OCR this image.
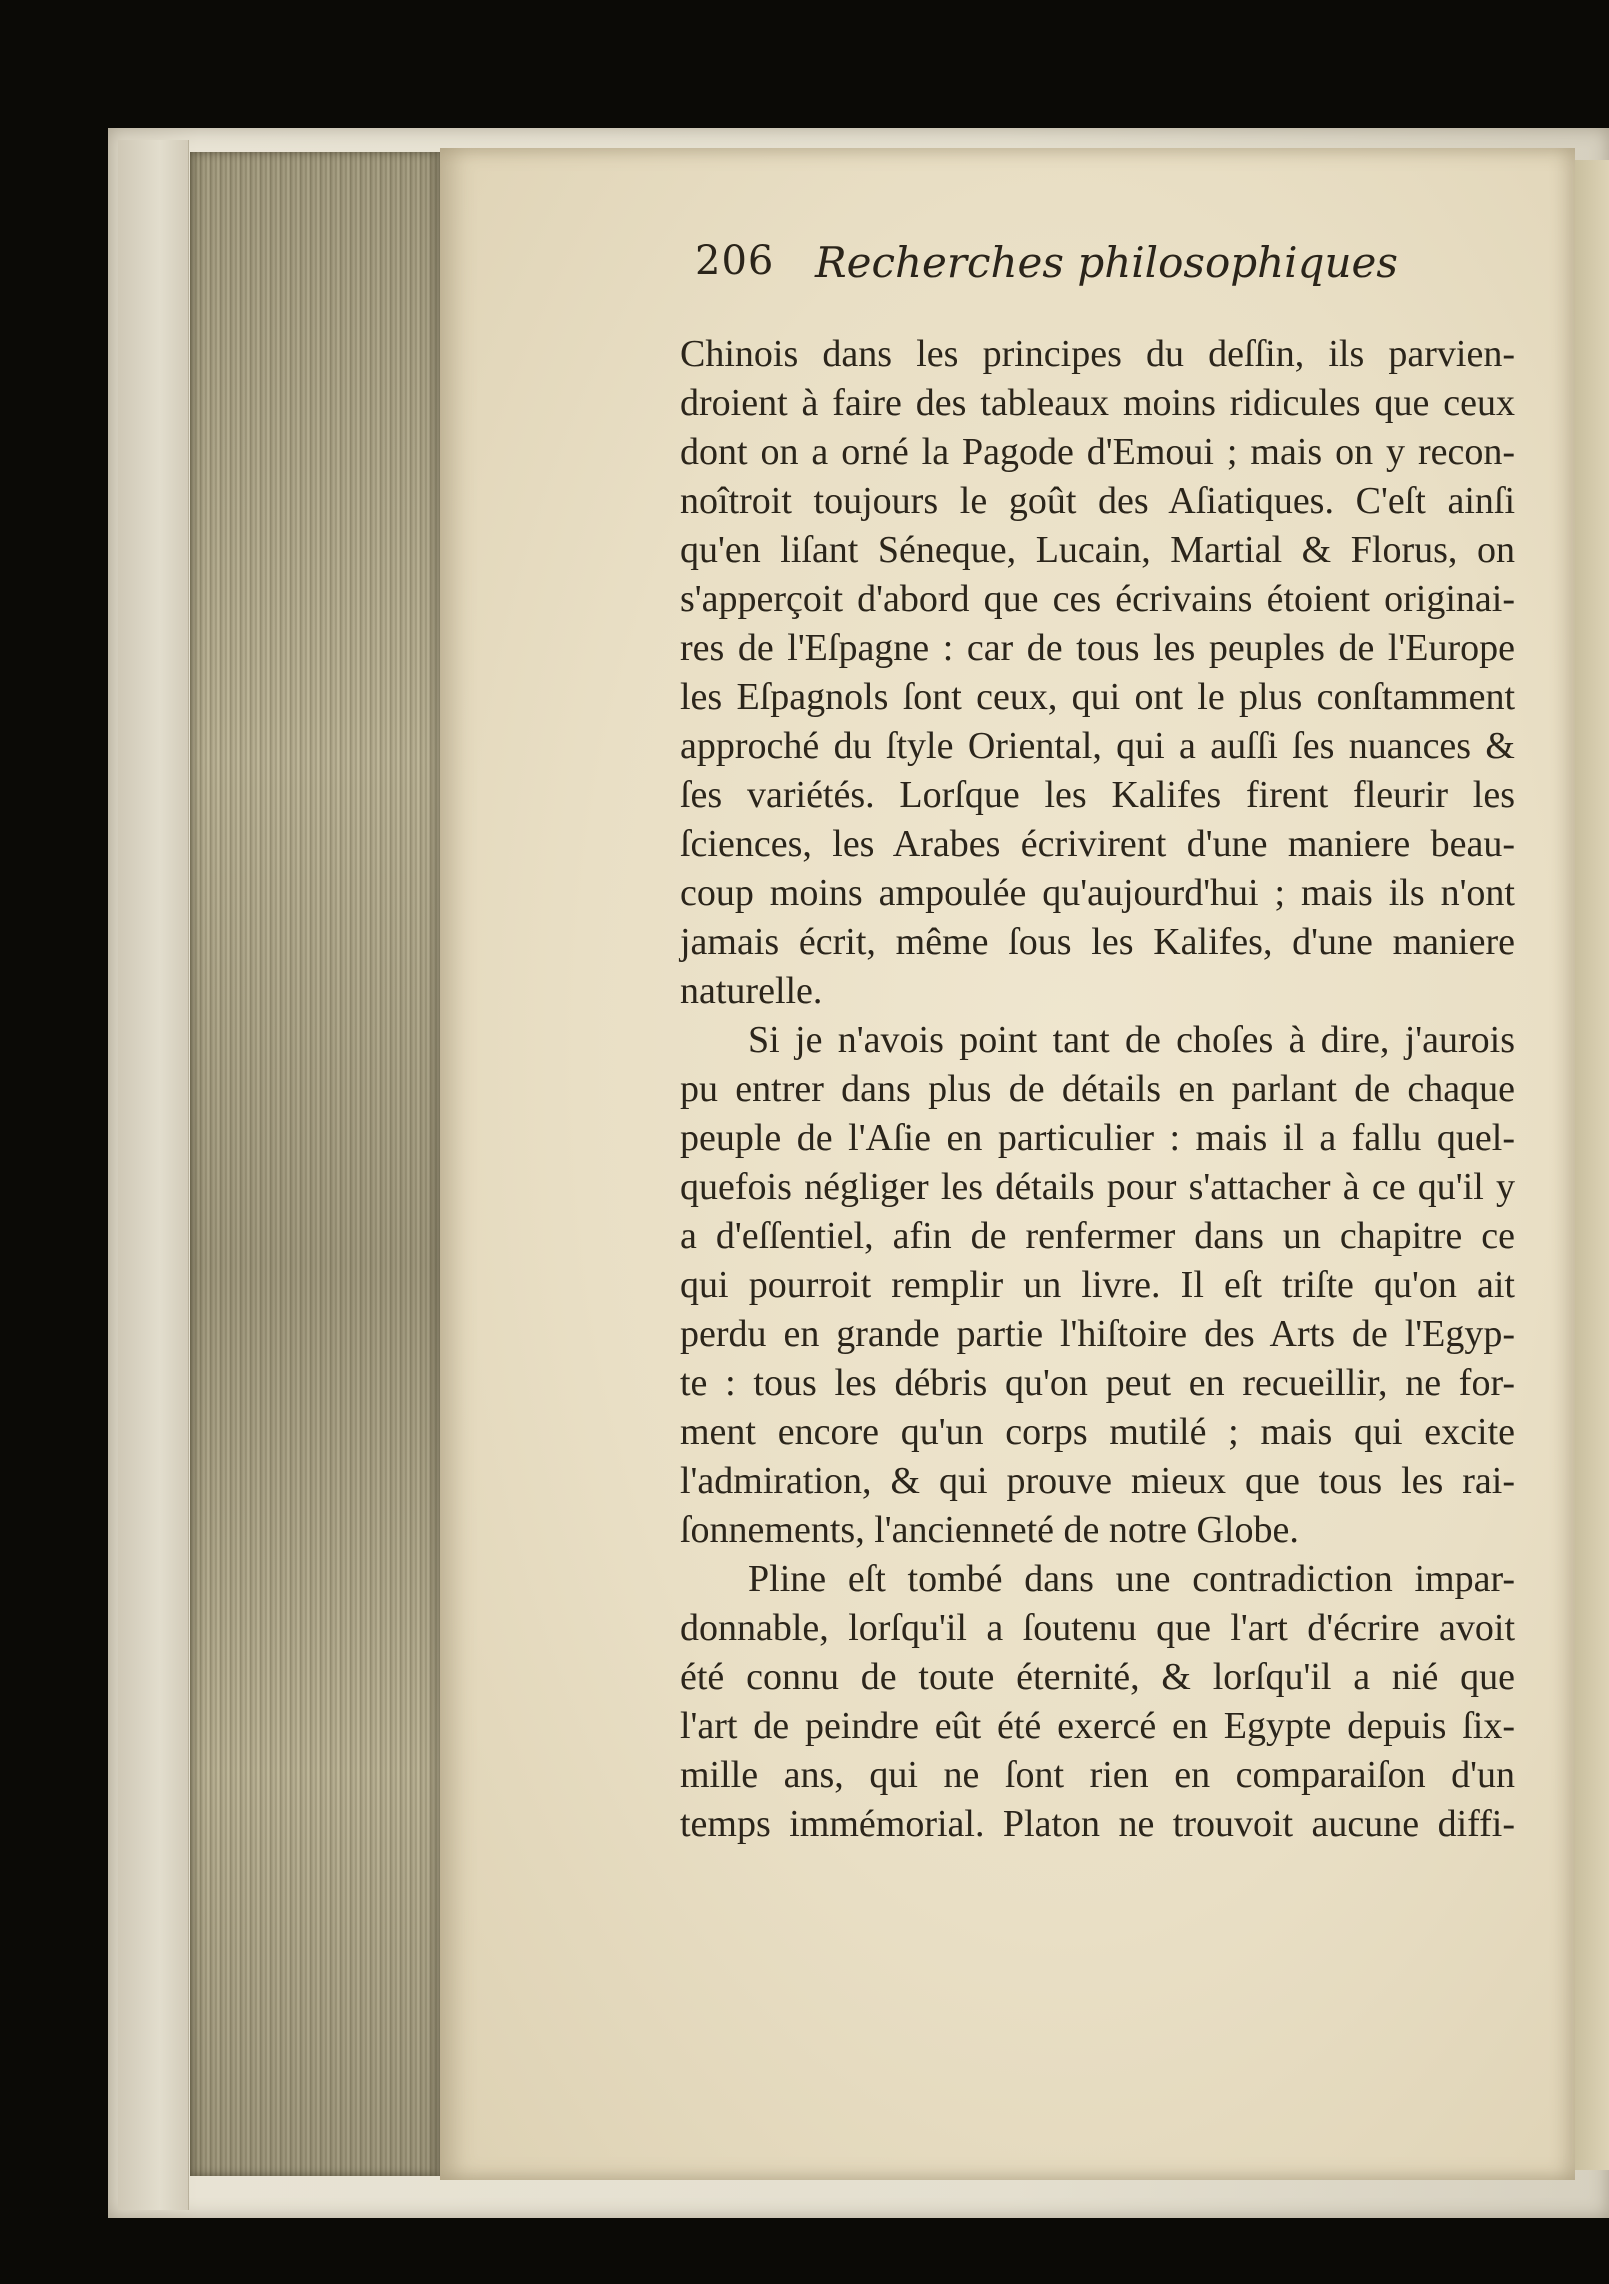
206 Recherches philosophiques
Chinois dans les principes du deſſin, ils parvien-
droient à faire des tableaux moins ridicules que ceux
dont on a orné la Pagode d'Emoui ; mais on y recon-
noîtroit toujours le goût des Aſiatiques. C'eſt ainſi
qu'en liſant Séneque, Lucain, Martial & Florus, on
s'apperçoit d'abord que ces écrivains étoient originai-
res de l'Eſpagne : car de tous les peuples de l'Europe
les Eſpagnols ſont ceux, qui ont le plus conſtamment
approché du ſtyle Oriental, qui a auſſi ſes nuances &
ſes variétés. Lorſque les Kalifes firent fleurir les
ſciences, les Arabes écrivirent d'une maniere beau-
coup moins ampoulée qu'aujourd'hui ; mais ils n'ont
jamais écrit, même ſous les Kalifes, d'une maniere
naturelle.
Si je n'avois point tant de choſes à dire, j'aurois
pu entrer dans plus de détails en parlant de chaque
peuple de l'Aſie en particulier : mais il a fallu quel-
quefois négliger les détails pour s'attacher à ce qu'il y
a d'eſſentiel, afin de renfermer dans un chapitre ce
qui pourroit remplir un livre. Il eſt triſte qu'on ait
perdu en grande partie l'hiſtoire des Arts de l'Egyp-
te : tous les débris qu'on peut en recueillir, ne for-
ment encore qu'un corps mutilé ; mais qui excite
l'admiration, & qui prouve mieux que tous les rai-
ſonnements, l'ancienneté de notre Globe.
Pline eſt tombé dans une contradiction impar-
donnable, lorſqu'il a ſoutenu que l'art d'écrire avoit
été connu de toute éternité, & lorſqu'il a nié que
l'art de peindre eût été exercé en Egypte depuis ſix-
mille ans, qui ne ſont rien en comparaiſon d'un
temps immémorial. Platon ne trouvoit aucune diffi-
